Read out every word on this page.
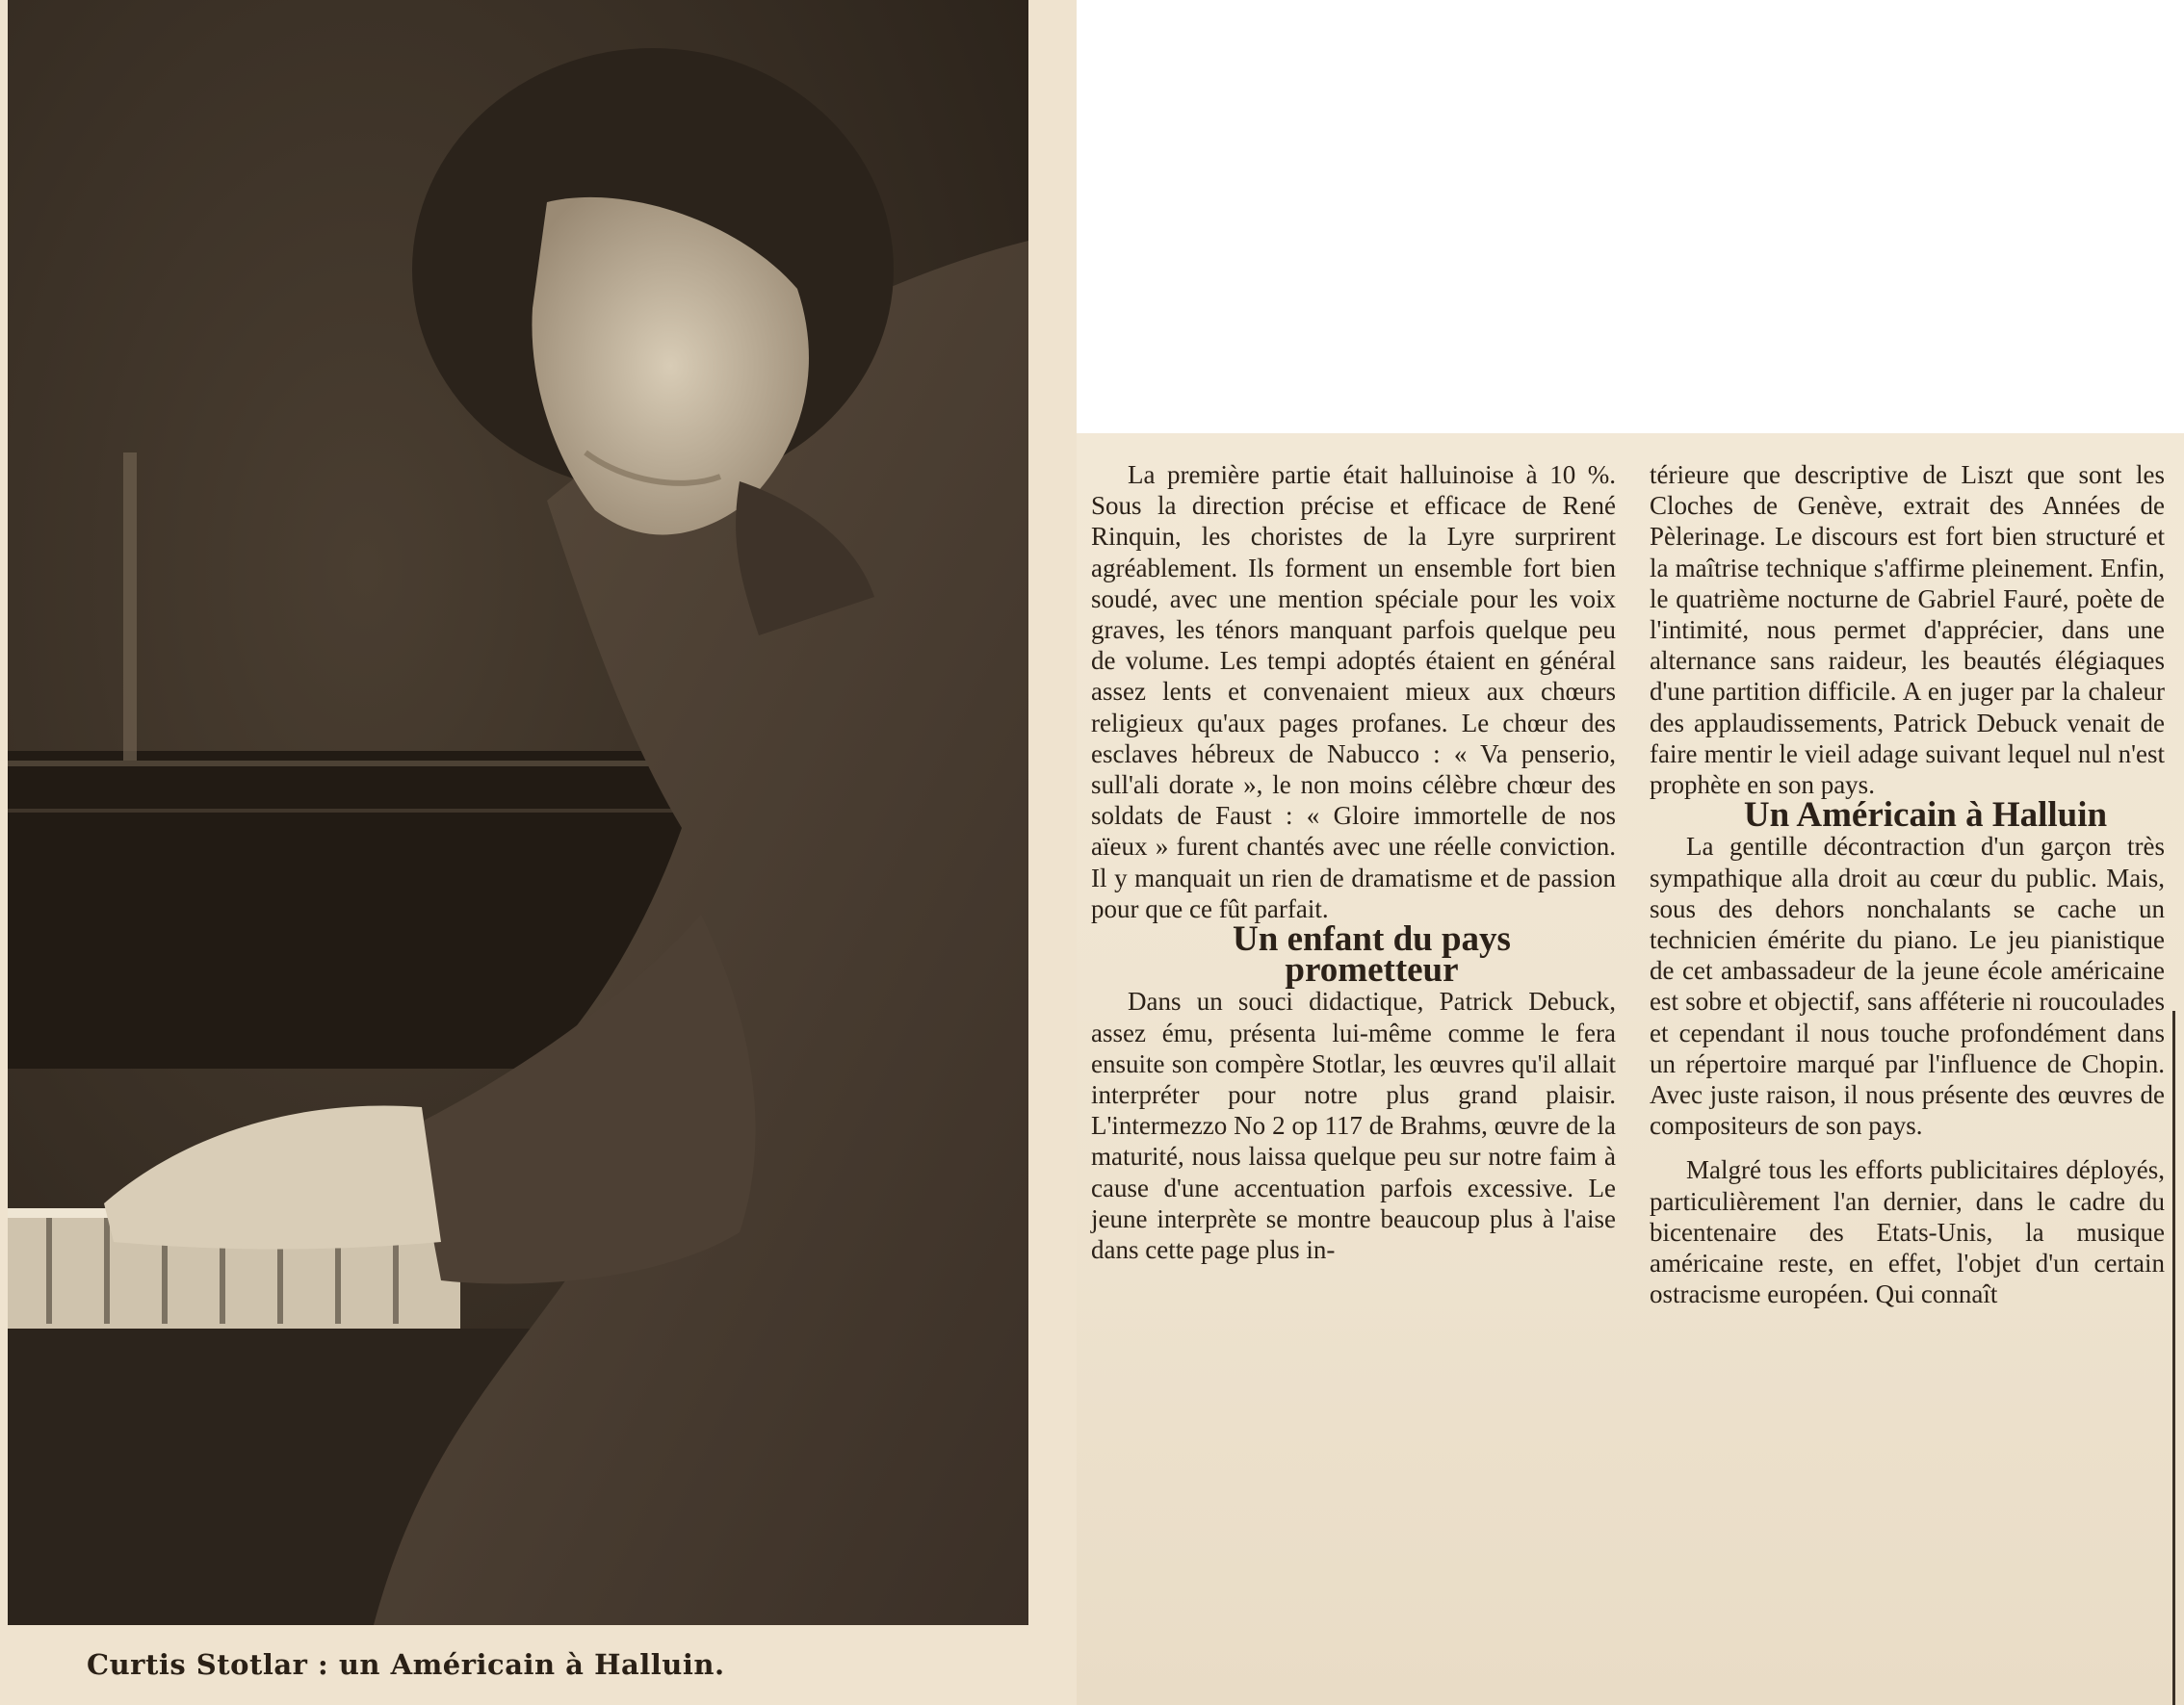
Curtis Stotlar : un Américain à Halluin.

La première partie était halluinoise à 10 %. Sous la direction précise et efficace de René Rinquin, les choristes de la Lyre surprirent agréablement. Ils forment un ensemble fort bien soudé, avec une mention spéciale pour les voix graves, les ténors manquant parfois quelque peu de volume. Les tempi adoptés étaient en général assez lents et convenaient mieux aux chœurs religieux qu'aux pages profanes. Le chœur des esclaves hébreux de Nabucco : « Va penserio, sull'ali dorate », le non moins célèbre chœur des soldats de Faust : « Gloire immortelle de nos aïeux » furent chantés avec une réelle conviction. Il y manquait un rien de dramatisme et de passion pour que ce fût parfait.

Un enfant du pays

prometteur

Dans un souci didactique, Patrick Debuck, assez ému, présenta lui-même comme le fera ensuite son compère Stotlar, les œuvres qu'il allait interpréter pour notre plus grand plaisir. L'intermezzo No 2 op 117 de Brahms, œuvre de la maturité, nous laissa quelque peu sur notre faim à cause d'une accentuation parfois excessive. Le jeune interprète se montre beaucoup plus à l'aise dans cette page plus in-

térieure que descriptive de Liszt que sont les Cloches de Genève, extrait des Années de Pèlerinage. Le discours est fort bien structuré et la maîtrise technique s'affirme pleinement. Enfin, le quatrième nocturne de Gabriel Fauré, poète de l'intimité, nous permet d'apprécier, dans une alternance sans raideur, les beautés élégiaques d'une partition difficile. A en juger par la chaleur des applaudissements, Patrick Debuck venait de faire mentir le vieil adage suivant lequel nul n'est prophète en son pays.

Un Américain à Halluin

La gentille décontraction d'un garçon très sympathique alla droit au cœur du public. Mais, sous des dehors nonchalants se cache un technicien émérite du piano. Le jeu pianistique de cet ambassadeur de la jeune école américaine est sobre et objectif, sans afféterie ni roucoulades et cependant il nous touche profondément dans un répertoire marqué par l'influence de Chopin. Avec juste raison, il nous présente des œuvres de compositeurs de son pays.

Malgré tous les efforts publicitaires déployés, particulièrement l'an dernier, dans le cadre du bicentenaire des Etats-Unis, la musique américaine reste, en effet, l'objet d'un certain ostracisme européen. Qui connaît
